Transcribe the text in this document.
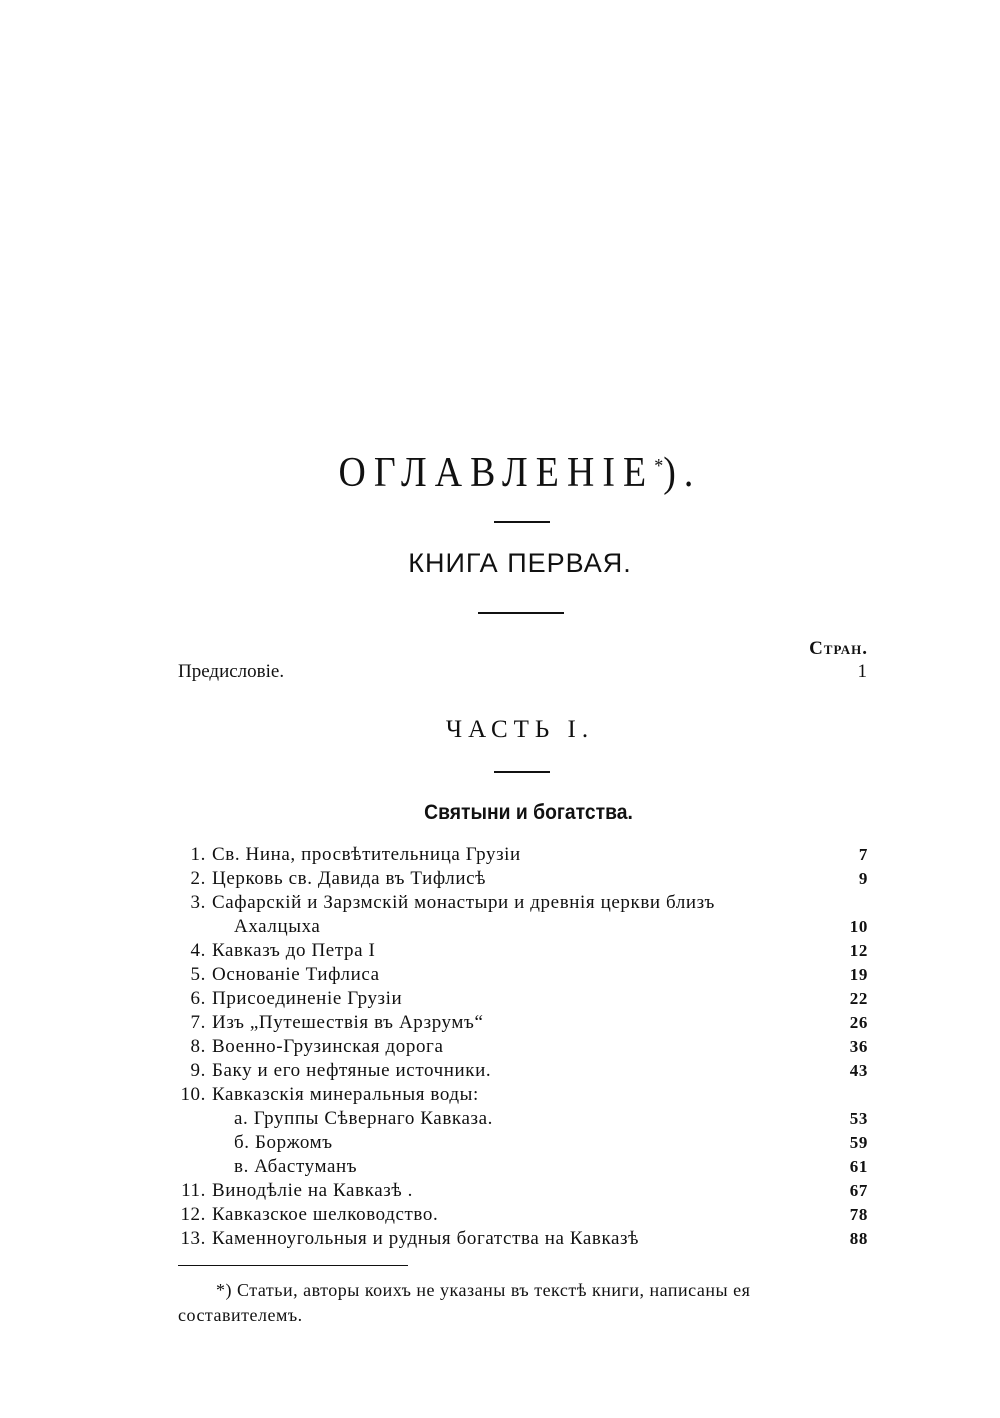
ОГЛАВЛЕНІЕ*).
КНИГА ПЕРВАЯ.
Стран.
Предисловіе.	1
ЧАСТЬ I.
Святыни и богатства.
1. Св. Нина, просвѣтительница Грузіи	7
2. Церковь св. Давида въ Тифлисѣ	9
3. Сафарскій и Зарзмскій монастыри и древнія церкви близъ
Ахалцыха	10
4. Кавказъ до Петра I	12
5. Основаніе Тифлиса	19
6. Присоединеніе Грузіи	22
7. Изъ „Путешествія въ Арзрумъ“	26
8. Военно-Грузинская дорога	36
9. Баку и его нефтяные источники.	43
10. Кавказскія минеральныя воды:
а. Группы Сѣвернаго Кавказа.	53
б. Боржомъ	59
в. Абастуманъ	61
11. Винодѣліе на Кавказѣ .	67
12. Кавказское шелководство.	78
13. Каменноугольныя и рудныя богатства на Кавказѣ	88
*) Статьи, авторы коихъ не указаны въ текстѣ книги, написаны ея составителемъ.
